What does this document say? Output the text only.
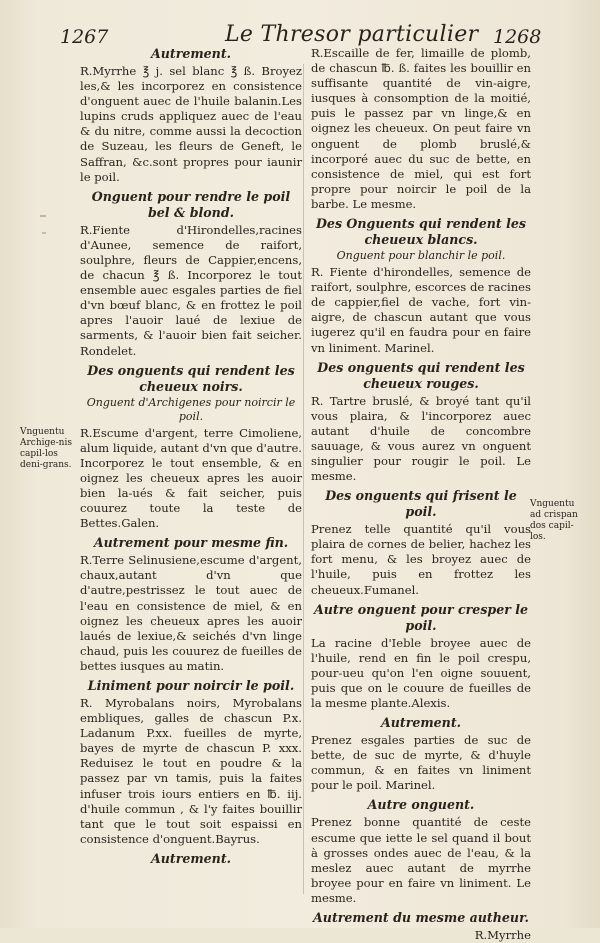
1267	Le Thresor particulier 1268

Autrement.

R.Myrrhe ℥ j. sel blanc ℥ ß. Broyez les,& les incorporez en consistence d'onguent auec de l'huile balanin.Les lupins cruds appliquez auec de l'eau & du nitre, comme aussi la decoction de Suzeau, les fleurs de Geneft, le Saffran, &c.sont propres pour iaunir le poil.

Onguent pour rendre le poil bel & blond.

R.Fiente d'Hirondelles,racines d'Aunee, semence de raifort, soulphre, fleurs de Cappier,encens, de chacun ℥ ß. Incorporez le tout ensemble auec esgales parties de fiel d'vn bœuf blanc, & en frottez le poil apres l'auoir laué de lexiue de sarments, & l'auoir bien fait seicher. Rondelet.

Des onguents qui rendent les cheueux noirs.

Onguent d'Archigenes pour noircir le poil.

R.Escume d'argent, terre Cimoliene, alum liquide, autant d'vn que d'autre. Incorporez le tout ensemble, & en oignez les cheueux apres les auoir bien la-ués & fait seicher, puis couurez toute la teste de Bettes.Galen.

Autrement pour mesme fin.

R.Terre Selinusiene,escume d'argent, chaux,autant d'vn que d'autre,pestrissez le tout auec de l'eau en consistence de miel, & en oignez les cheueux apres les auoir laués de lexiue,& seichés d'vn linge chaud, puis les couurez de fueilles de bettes iusques au matin.

Liniment pour noircir le poil.

R. Myrobalans noirs, Myrobalans embliques, galles de chascun P.x. Ladanum P.xx. fueilles de myrte, bayes de myrte de chascun P. xxx. Reduisez le tout en poudre & la passez par vn tamis, puis la faites infuser trois iours entiers en ℔. iij. d'huile commun , & l'y faites bouillir tant que le tout soit espaissi en consistence d'onguent.Bayrus.

Autrement.

R.Escaille de fer, limaille de plomb, de chascun ℔. ß. faites les bouillir en suffisante quantité de vin-aigre, iusques à consomption de la moitié, puis le passez par vn linge,& en oignez les cheueux. On peut faire vn onguent de plomb bruslé,& incorporé auec du suc de bette, en consistence de miel, qui est fort propre pour noircir le poil de la barbe. Le mesme.

Des Onguents qui rendent les cheueux blancs.

Onguent pour blanchir le poil.

R. Fiente d'hirondelles, semence de raifort, soulphre, escorces de racines de cappier,fiel de vache, fort vin-aigre, de chascun autant que vous iugerez qu'il en faudra pour en faire vn liniment. Marinel.

Des onguents qui rendent les cheueux rouges.

R. Tartre bruslé, & broyé tant qu'il vous plaira, & l'incorporez auec autant d'huile de concombre sauuage, & vous aurez vn onguent singulier pour rougir le poil. Le mesme.

Des onguents qui frisent le poil.

Prenez telle quantité qu'il vous plaira de cornes de belier, hachez les fort menu, & les broyez auec de l'huile, puis en frottez les cheueux.Fumanel.

Autre onguent pour cresper le poil.

La racine d'Ieble broyee auec de l'huile, rend en fin le poil crespu, pour-ueu qu'on l'en oigne souuent, puis que on le couure de fueilles de la mesme plante.Alexis.

Autrement.

Prenez esgales parties de suc de bette, de suc de myrte, & d'huyle commun, & en faites vn liniment pour le poil. Marinel.

Autre onguent.

Prenez bonne quantité de ceste escume que iette le sel quand il bout à grosses ondes auec de l'eau, & la meslez auec autant de myrrhe broyee pour en faire vn liniment. Le mesme.

Autrement du mesme autheur.

R.Myrrhe

Vnguentu Archige-nis capil-los deni-grans.
Vnguentu ad crispan dos capil-los.
